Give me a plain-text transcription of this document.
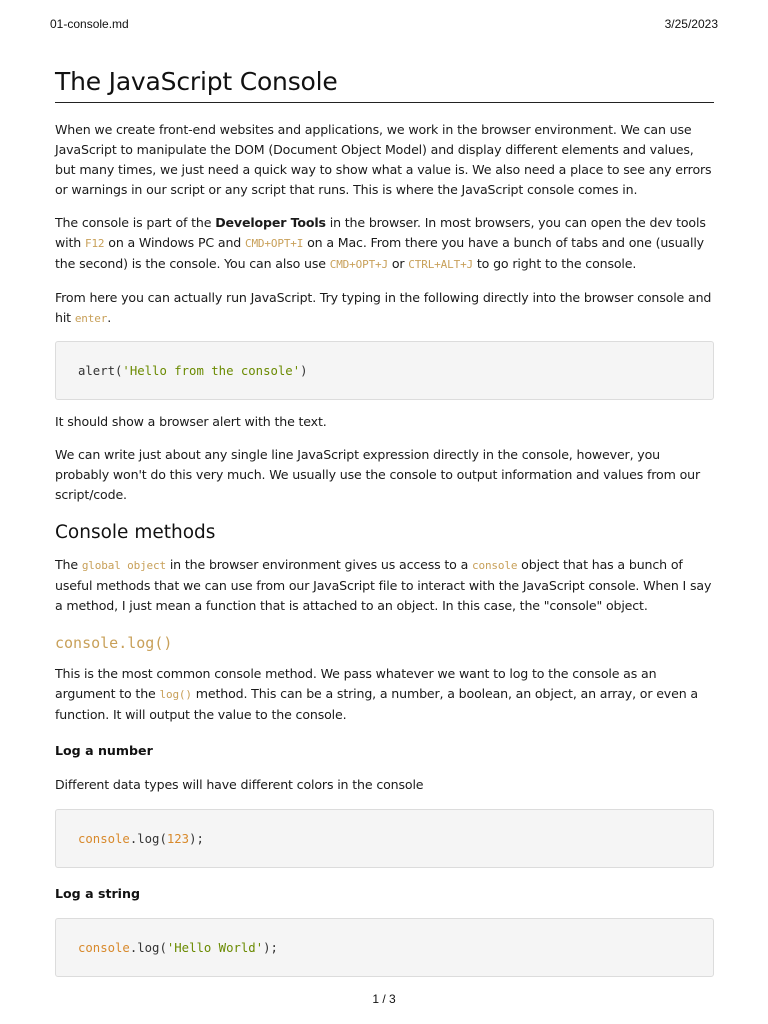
01-console.md	3/25/2023
The JavaScript Console

When we create front-end websites and applications, we work in the browser environment. We can use JavaScript to manipulate the DOM (Document Object Model) and display different elements and values, but many times, we just need a quick way to show what a value is. We also need a place to see any errors or warnings in our script or any script that runs. This is where the JavaScript console comes in.

The console is part of the Developer Tools in the browser. In most browsers, you can open the dev tools with F12 on a Windows PC and CMD+OPT+I on a Mac. From there you have a bunch of tabs and one (usually the second) is the console. You can also use CMD+OPT+J or CTRL+ALT+J to go right to the console.

From here you can actually run JavaScript. Try typing in the following directly into the browser console and hit enter.

alert( 'Hello from the console' )

It should show a browser alert with the text.

We can write just about any single line JavaScript expression directly in the console, however, you probably won't do this very much. We usually use the console to output information and values from our script/code.

Console methods

The global object in the browser environment gives us access to a console object that has a bunch of useful methods that we can use from our JavaScript file to interact with the JavaScript console. When I say a method, I just mean a function that is attached to an object. In this case, the "console" object.

console.log()

This is the most common console method. We pass whatever we want to log to the console as an argument to the log() method. This can be a string, a number, a boolean, an object, an array, or even a function. It will output the value to the console.

Log a number

Different data types will have different colors in the console

console .log( 123 );
Log a string
console .log( 'Hello World' );
1 / 3
